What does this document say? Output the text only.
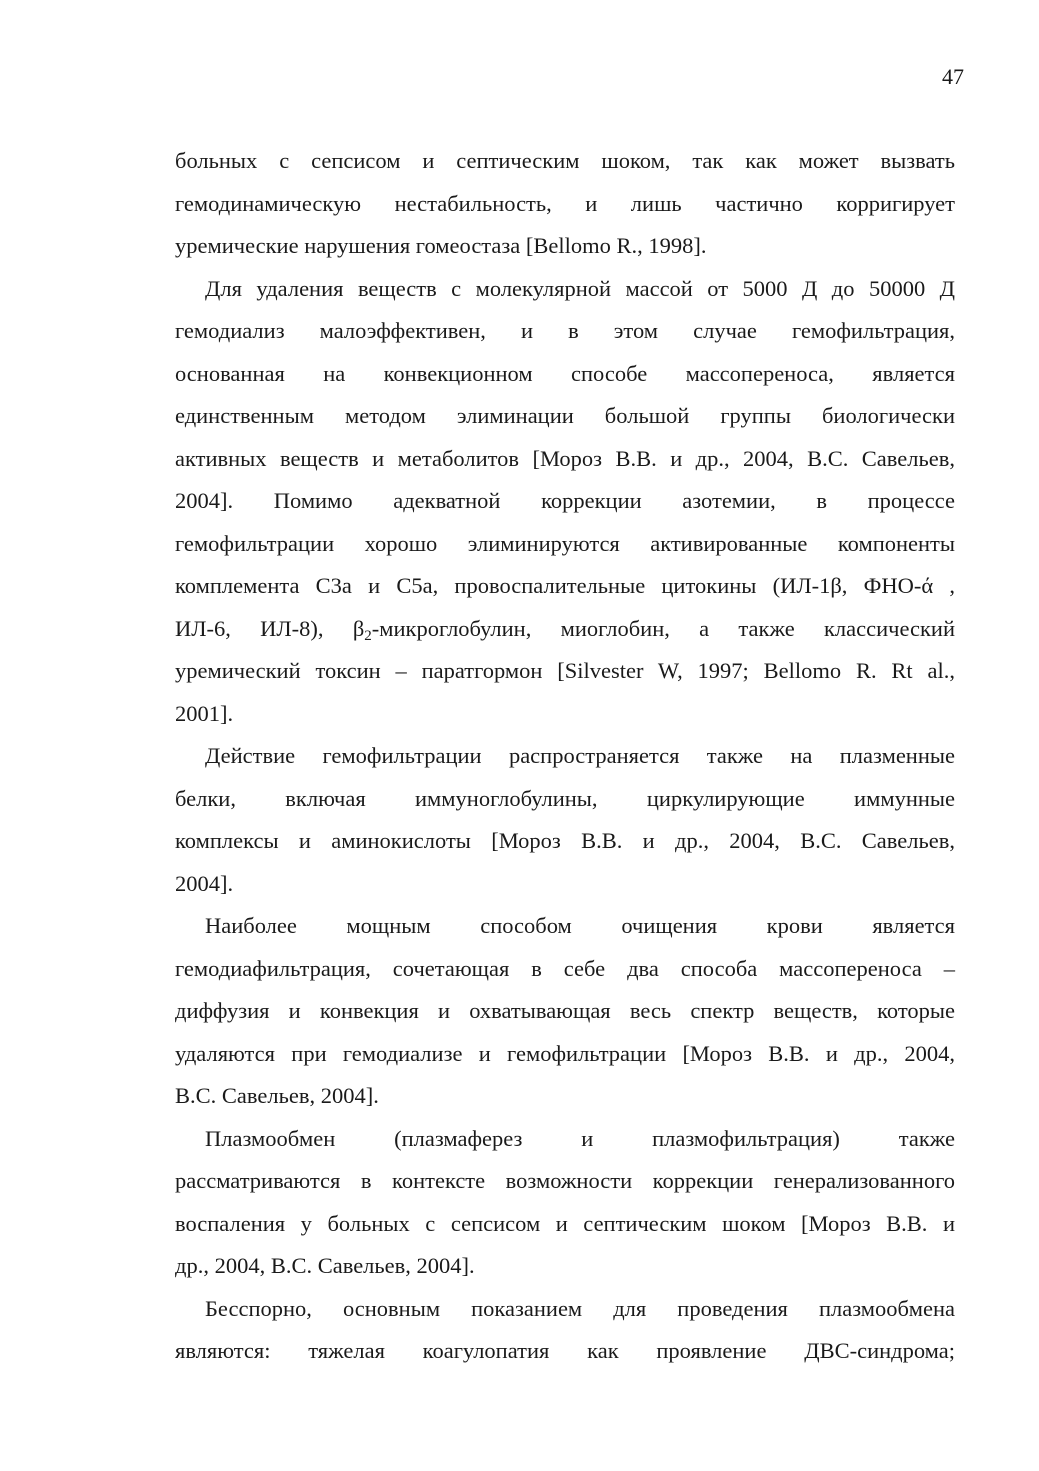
47
больных с сепсисом и септическим шоком, так как может вызвать
гемодинамическую нестабильность, и лишь частично корригирует
уремические нарушения гомеостаза [Bellomo R., 1998].
Для удаления веществ с молекулярной массой от 5000 Д до 50000 Д
гемодиализ малоэффективен, и в этом случае гемофильтрация,
основанная на конвекционном способе массопереноса, является
единственным методом элиминации большой группы биологически
активных веществ и метаболитов [Мороз В.В. и др., 2004, В.С. Савельев,
2004]. Помимо адекватной коррекции азотемии, в процессе
гемофильтрации хорошо элиминируются активированные компоненты
комплемента С3а и С5а, провоспалительные цитокины (ИЛ-1β, ФНО-ά ,
ИЛ-6, ИЛ-8), $\beta_2$-микроглобулин, миоглобин, а также классический
уремический токсин – паратгормон [Silvester W, 1997; Bellomo R. Rt al.,
2001].
Действие гемофильтрации распространяется также на плазменные
белки, включая иммуноглобулины, циркулирующие иммунные
комплексы и аминокислоты [Мороз В.В. и др., 2004, В.С. Савельев,
2004].
Наиболее мощным способом очищения крови является
гемодиафильтрация, сочетающая в себе два способа массопереноса –
диффузия и конвекция и охватывающая весь спектр веществ, которые
удаляются при гемодиализе и гемофильтрации [Мороз В.В. и др., 2004,
В.С. Савельев, 2004].
Плазмообмен (плазмаферез и плазмофильтрация) также
рассматриваются в контексте возможности коррекции генерализованного
воспаления у больных с сепсисом и септическим шоком [Мороз В.В. и
др., 2004, В.С. Савельев, 2004].
Бесспорно, основным показанием для проведения плазмообмена
являются: тяжелая коагулопатия как проявление ДВС-синдрома;
